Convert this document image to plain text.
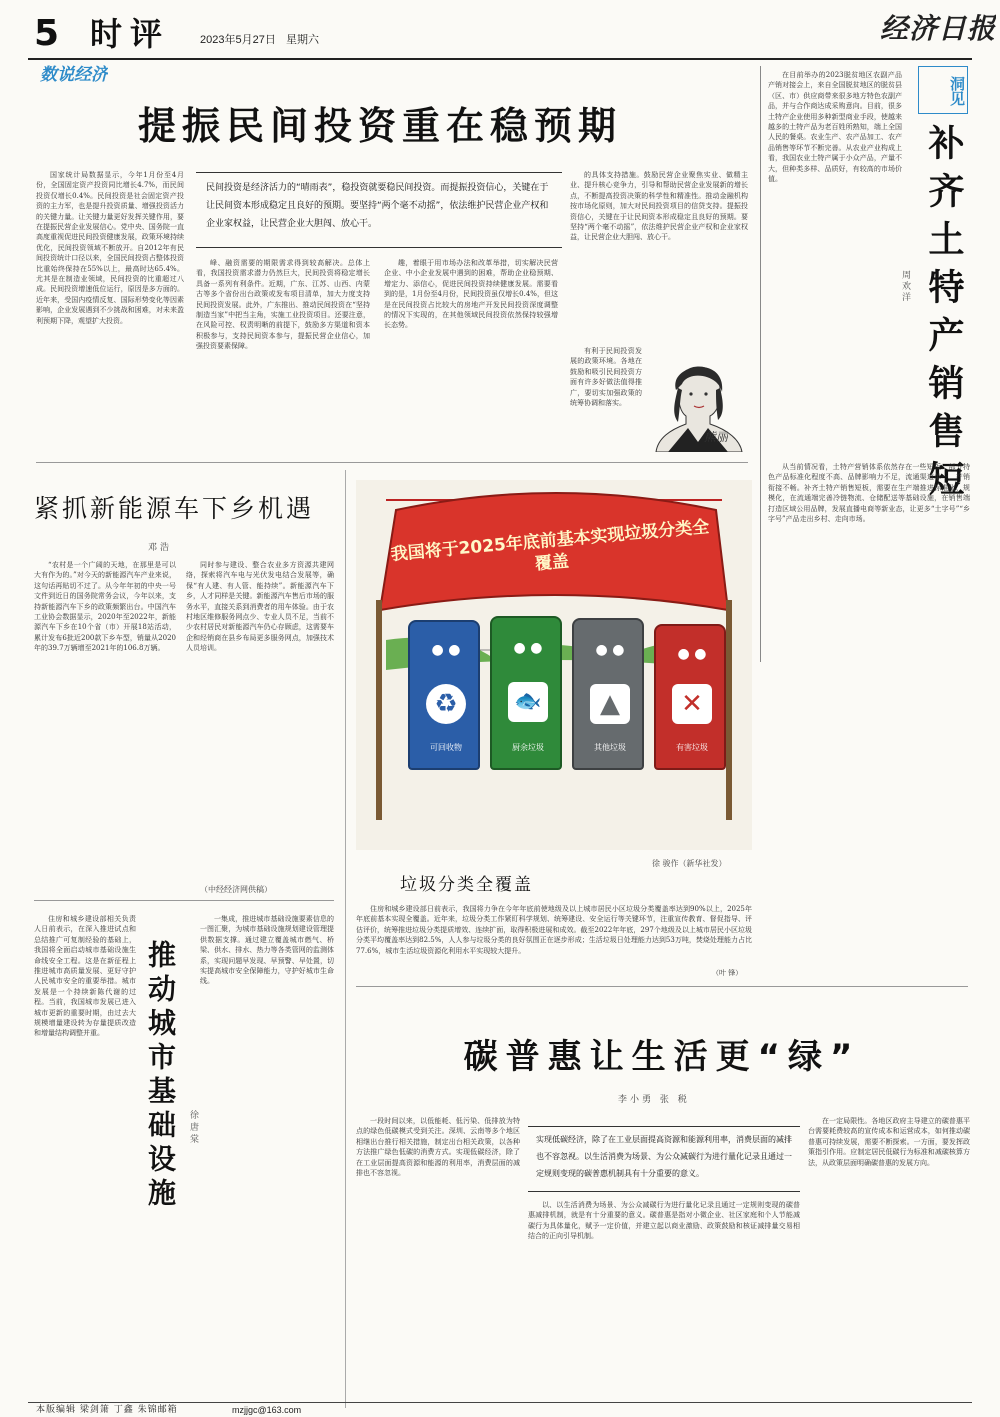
5 时评	2023年5月27日 星期六	经济日报
数说经济
提振民间投资重在稳预期
民间投资是经济活力的“晴雨表”，稳投资就要稳民间投资。而提振投资信心，关键在于让民间资本形成稳定且良好的预期。要坚持“两个毫不动摇”，依法维护民营企业产权和企业家权益，让民营企业大胆闯、放心干。

国家统计局数据显示，今年1月份至4月份，全国固定资产投资同比增长4.7%，而民间投资仅增长0.4%。民间投资是社会固定资产投资的主力军，也是提升投资质量、增强投资活力的关键力量。让关键力量更好发挥关键作用，要在提振民营企业发展信心。党中央、国务院一直高度重视促进民间投资健康发展，政策环境持续优化，民间投资领域不断放开。自2012年有民间投资统计口径以来，全国民间投资占整体投资比重始终保持在55%以上，最高时达65.4%。尤其是在制造业领域，民间投资的比重超过八成。民间投资增速低位运行，原因是多方面的。近年来，受国内疫情反复、国际形势变化等因素影响，企业发展遇到不少挑战和困难，对未来盈利预期下降，观望扩大投资。

峰、融资需要的期限需求得到较高解决。总体上看，我国投资需求潜力仍然巨大，民间投资将稳定增长具备一系列有利条件。近期，广东、江苏、山西、内蒙古等多个省份出台政策或发布项目清单，加大力度支持民间投资发展。此外，广东推出、推动民间投资在“坚持制造当家”中把当主角，实施工业投资项目。还要注意，在风险可控、权责明晰的前提下，鼓励多方渠道和资本积极参与，支持民间资本参与，提振民营企业信心，加强投资要素保障。

趣，着眼于用市场办法和改革举措，切实解决民营企业、中小企业发展中遇到的困难，帮助企业稳预期、增定力、添信心，促进民间投资持续健康发展。需要看到的是，1月份至4月份，民间投资虽仅增长0.4%，但这是在民间投资占比较大的房地产开发民间投资深度调整的情况下实现的，在其他领域民间投资依然保持较强增长态势。

的具体支持措施。鼓励民营企业聚焦实业、做精主业、提升核心竞争力，引导和帮助民营企业发展新的增长点，不断提高投资决策的科学性和精准性。推动金融机构按市场化原则，加大对民间投资项目的信贷支持。提振投资信心，关键在于让民间资本形成稳定且良好的预期。要坚持“两个毫不动摇”，依法维护民营企业产权和企业家权益，让民营企业大胆闯、放心干。

有利于民间投资发展的政策环境。各地在鼓励和吸引民间投资方面有许多好做法值得推广，要切实加强政策的统筹协调和落实。

熊丽
洞见
补齐土特产销售短
周欢洋

在目前举办的2023脱贫地区农副产品产销对接会上，来自全国脱贫地区的脱贫县（区、市）供应商带来很多地方特色农副产品，并与合作商达成采购意向。目前，很多土特产企业使用多种新型商业手段，使越来越多的土特产品为老百姓所熟知，端上全国人民的餐桌。农业生产、农产品加工、农产品销售等环节不断完善。从农业产业构成上看，我国农业土特产属于小众产品，产量不大，但种类多样、品质好，有较高的市场价值。

从当前情况看，土特产营销体系依然存在一些短板：部分特色产品标准化程度不高、品牌影响力不足，流通渠道单一，产销衔接不畅。补齐土特产销售短板，需要在生产端推进标准化、规模化，在流通端完善冷链物流、仓储配送等基础设施，在销售端打造区域公用品牌，发展直播电商等新业态，让更多“土字号”“乡字号”产品走出乡村、走向市场。

紧抓新能源车下乡机遇
邓浩

“农村是一个广阔的天地，在那里是可以大有作为的。”对今天的新能源汽车产业来说，这句话再贴切不过了。从今年年初的中央一号文件到近日的国务院常务会议，今年以来，支持新能源汽车下乡的政策频繁出台。中国汽车工业协会数据显示，2020年至2022年，新能源汽车下乡在10个省（市）开展18站活动，累计发布6批近200款下乡车型，销量从2020年的39.7万辆增至2021年的106.8万辆。

同时参与建设、整合农业多方资源共建网络，探索将汽车电与光伏发电结合发展等，确保“有人建、有人管、能持续”。新能源汽车下乡，人才同样是关键。新能源汽车售后市场的服务水平，直接关系到消费者的用车体验。由于农村地区维修服务网点少、专业人员不足，当前不少农村居民对新能源汽车仍心存顾虑，这需要车企和经销商在县乡布局更多服务网点，加强技术人员培训。

（中经经济网供稿）
我国将于2025年底前基本实现垃圾分类全覆盖
● ●
♻
可回收物
● ●
🐟
厨余垃圾
● ●
▲
其他垃圾
● ●
✕
有害垃圾
徐 骏作（新华社发）
垃圾分类全覆盖

住房和城乡建设部日前表示，我国将力争在今年年底前使地级及以上城市居民小区垃圾分类覆盖率达到90%以上，2025年年底前基本实现全覆盖。近年来，垃圾分类工作紧盯科学规划、统筹建设、安全运行等关键环节，注重宣传教育、督促指导、评估评价，统筹推进垃圾分类提质增效、连续扩面，取得积极进展和成效。截至2022年年底，297个地级及以上城市居民小区垃圾分类平均覆盖率达到82.5%，人人参与垃圾分类的良好氛围正在逐步形成；生活垃圾日处理能力达到53万吨，焚烧处理能力占比77.6%，城市生活垃圾资源化利用水平实现较大提升。

（叶 锋）

住房和城乡建设部相关负责人日前表示，在深入推进试点和总结推广可复制经验的基础上，我国将全面启动城市基础设施生命线安全工程。这是在新征程上推进城市高质量发展、更好守护人民城市安全的重要举措。城市发展是一个持续新陈代谢的过程。当前，我国城市发展已进入城市更新的重要时期，由过去大规模增量建设转为存量提质改造和增量结构调整并重。

推动城市基础设施
徐唐棠

一集成，推进城市基础设施要素信息的一图汇聚，为城市基础设施规划建设管理提供数据支撑。通过建立覆盖城市燃气、桥梁、供水、排水、热力等各类管网的监测体系，实现问题早发现、早预警、早处置，切实提高城市安全保障能力，守护好城市生命线。

碳普惠让生活更“绿”
李小勇 张 税
实现低碳经济，除了在工业层面提高资源和能源利用率，消费层面的减排也不容忽视。以生活消费为场景、为公众减碳行为进行量化记录且通过一定规则变现的碳普惠机制具有十分重要的意义。

一段时间以来，以低能耗、低污染、低排放为特点的绿色低碳模式受到关注。深圳、云南等多个地区相继出台推行相关措施，制定出台相关政策，以各种方法推广绿色低碳的消费方式。实现低碳经济，除了在工业层面提高资源和能源的利用率，消费层面的减排也不容忽视。

以、以生活消费为场景、为公众减碳行为进行量化记录且通过一定规则变现的碳普惠减排机制，就是有十分重要的意义。碳普惠是指对小微企业、社区家庭和个人节能减碳行为具体量化，赋予一定价值，并建立起以商业激励、政策鼓励和核证减排量交易相结合的正向引导机制。

在一定局限性。各地区政府主导建立的碳普惠平台需要耗费较高的宣传成本和运营成本，如何推动碳普惠可持续发展，需要不断探索。一方面，要发挥政策指引作用。应制定居民低碳行为标准和减碳核算方法，从政策层面明确碳普惠的发展方向。

本版编辑 梁剑箫 丁鑫 朱锦邮箱	mzjjgc@163.com
